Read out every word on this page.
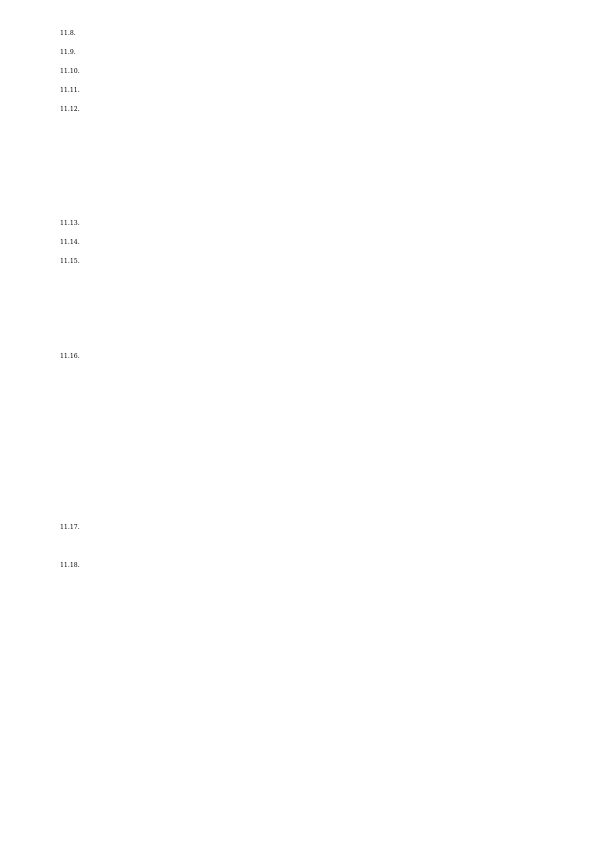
11.8.
11.9.
11.10.
11.11.
11.12.
11.13.
11.14.
11.15.
11.16.
11.17.
11.18.
